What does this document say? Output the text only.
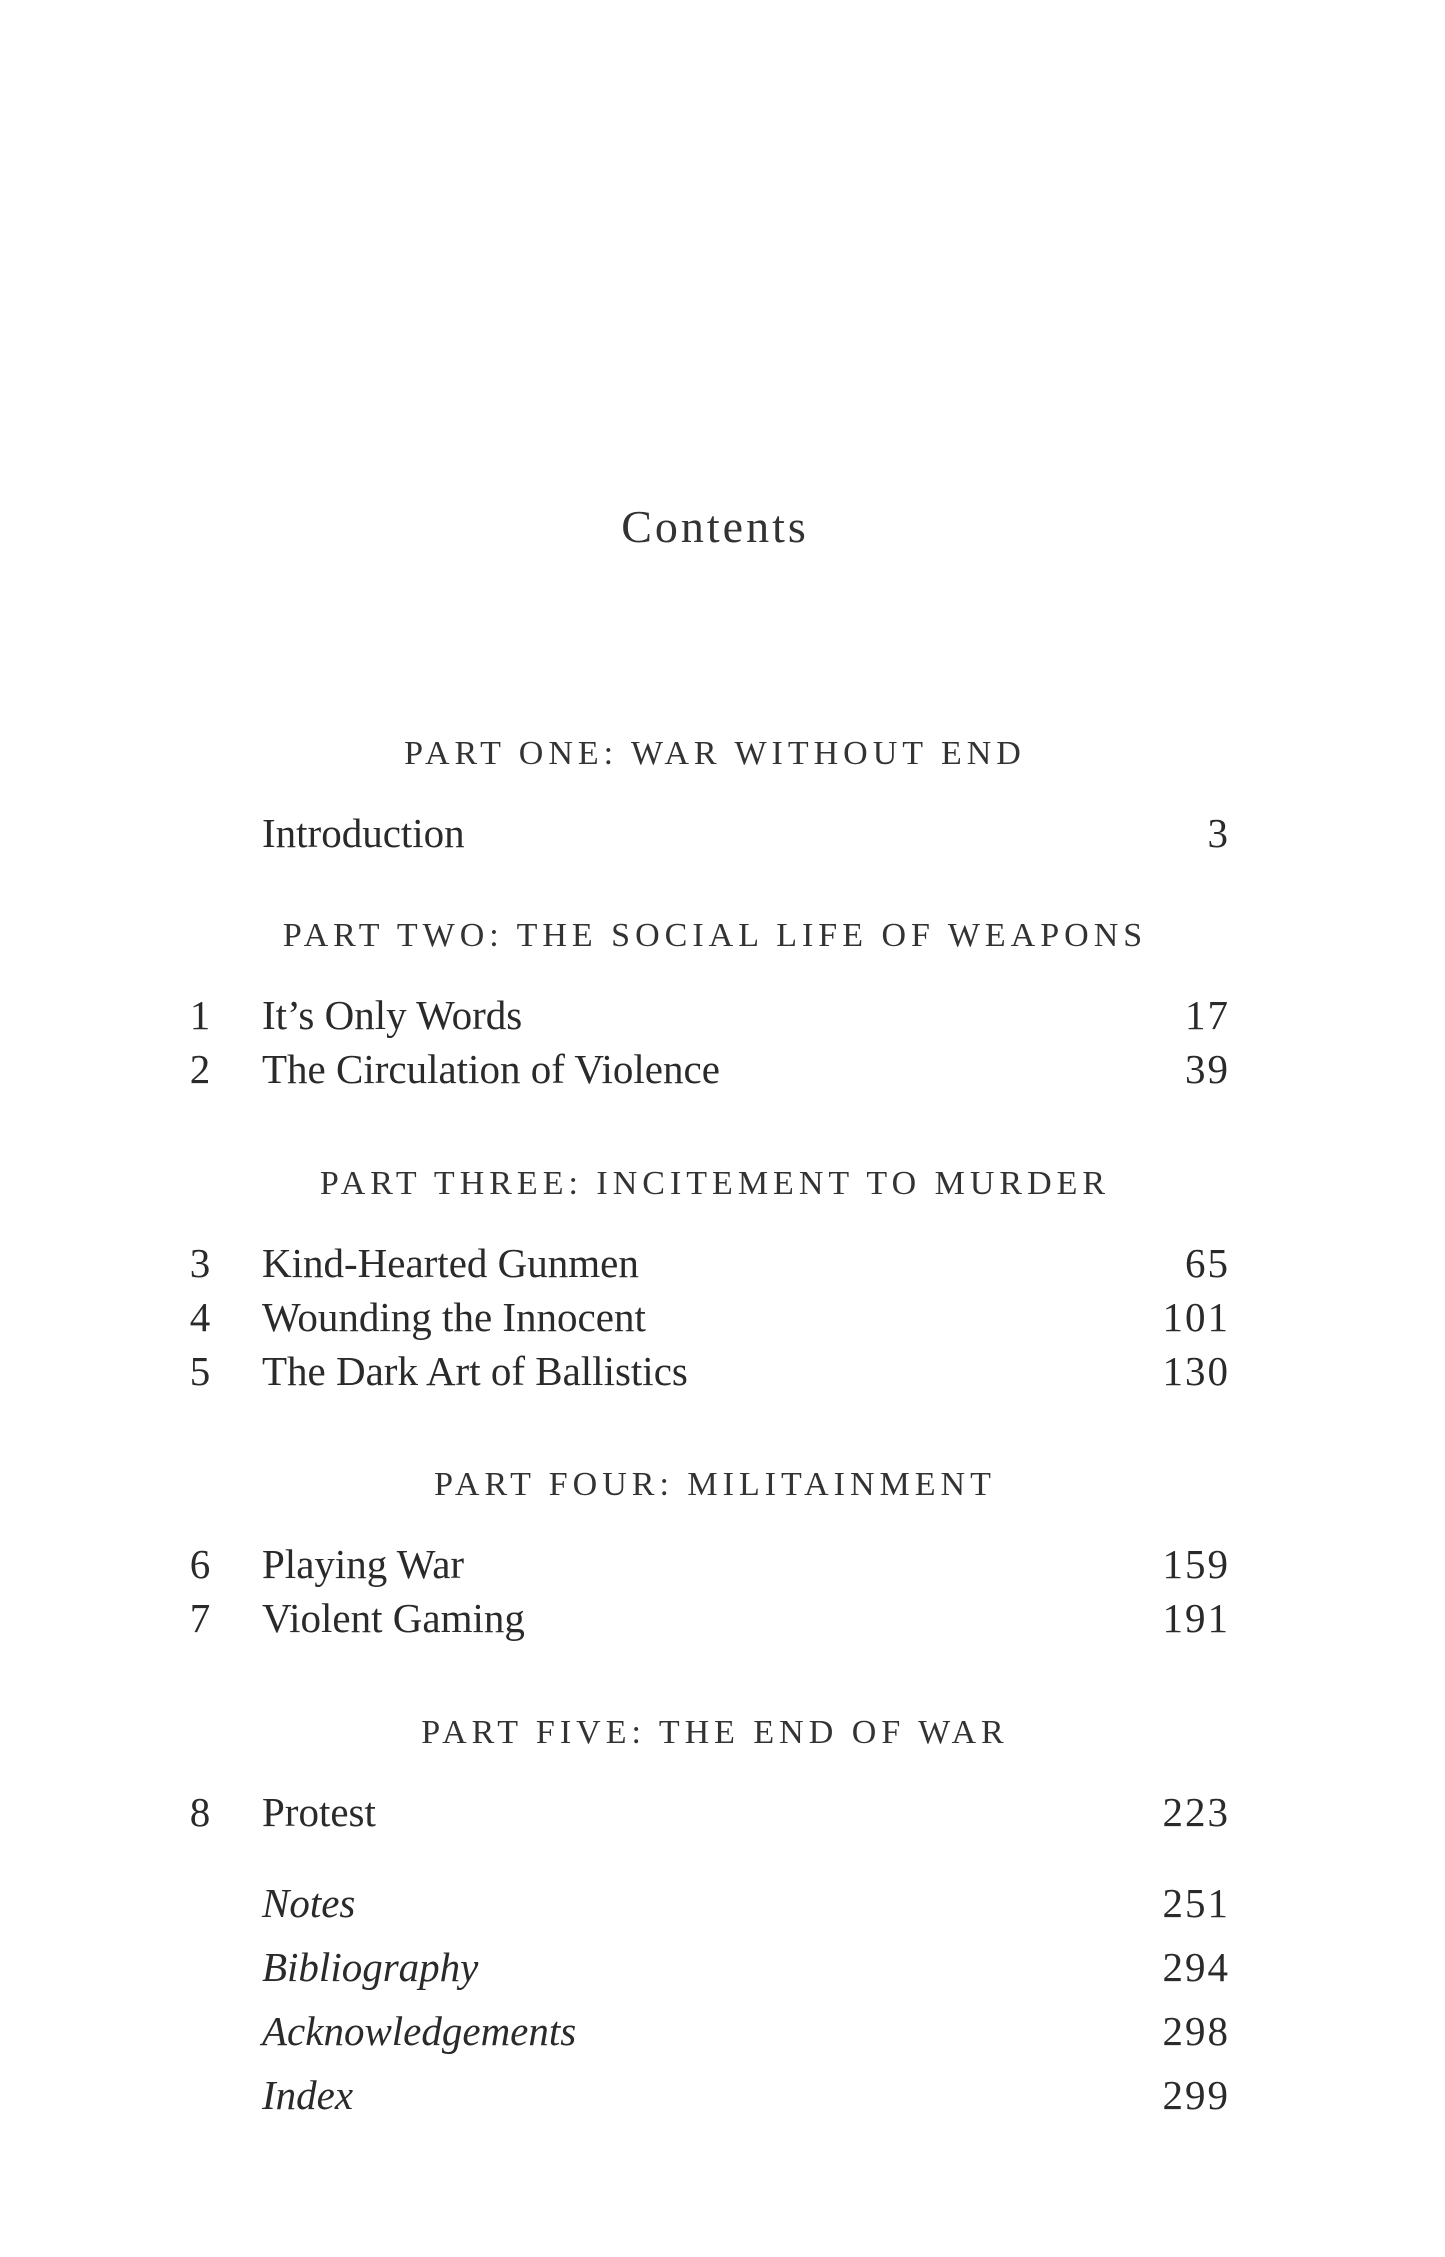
Contents
PART ONE: WAR WITHOUT END
Introduction	3
PART TWO: THE SOCIAL LIFE OF WEAPONS
1 It’s Only Words	17
2 The Circulation of Violence	39
PART THREE: INCITEMENT TO MURDER
3 Kind-Hearted Gunmen	65
4 Wounding the Innocent	101
5 The Dark Art of Ballistics	130
PART FOUR: MILITAINMENT
6 Playing War	159
7 Violent Gaming	191
PART FIVE: THE END OF WAR
8 Protest	223
Notes	251
Bibliography	294
Acknowledgements	298
Index	299
